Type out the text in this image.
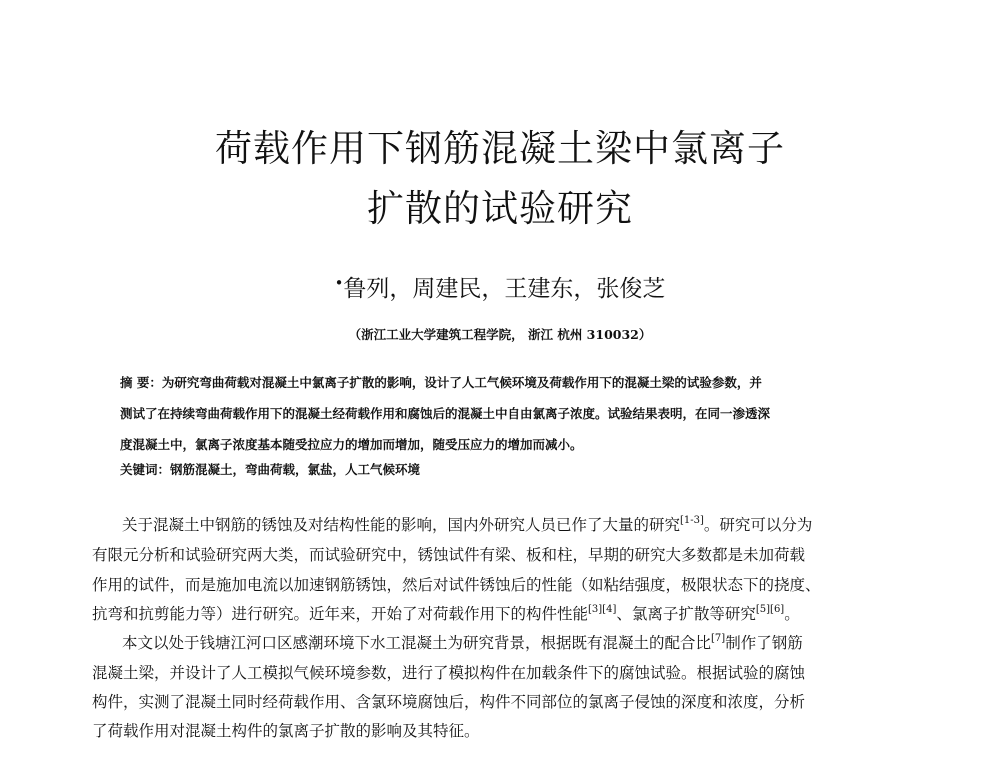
荷载作用下钢筋混凝土梁中氯离子
扩散的试验研究
•鲁列，周建民，王建东，张俊芝
（浙江工业大学建筑工程学院， 浙江 杭州 310032）
摘 要：为研究弯曲荷载对混凝土中氯离子扩散的影响，设计了人工气候环境及荷载作用下的混凝土梁的试验参数，并
测试了在持续弯曲荷载作用下的混凝土经荷载作用和腐蚀后的混凝土中自由氯离子浓度。试验结果表明，在同一渗透深
度混凝土中，氯离子浓度基本随受拉应力的增加而增加，随受压应力的增加而减小。
关键词：钢筋混凝土，弯曲荷载，氯盐，人工气候环境
关于混凝土中钢筋的锈蚀及对结构性能的影响，国内外研究人员已作了大量的研究[1-3]。研究可以分为
有限元分析和试验研究两大类，而试验研究中，锈蚀试件有梁、板和柱，早期的研究大多数都是未加荷载
作用的试件，而是施加电流以加速钢筋锈蚀，然后对试件锈蚀后的性能（如粘结强度，极限状态下的挠度、
抗弯和抗剪能力等）进行研究。近年来，开始了对荷载作用下的构件性能[3][4]、氯离子扩散等研究[5][6]。
本文以处于钱塘江河口区感潮环境下水工混凝土为研究背景，根据既有混凝土的配合比[7]制作了钢筋
混凝土梁，并设计了人工模拟气候环境参数，进行了模拟构件在加载条件下的腐蚀试验。根据试验的腐蚀
构件，实测了混凝土同时经荷载作用、含氯环境腐蚀后，构件不同部位的氯离子侵蚀的深度和浓度，分析
了荷载作用对混凝土构件的氯离子扩散的影响及其特征。
